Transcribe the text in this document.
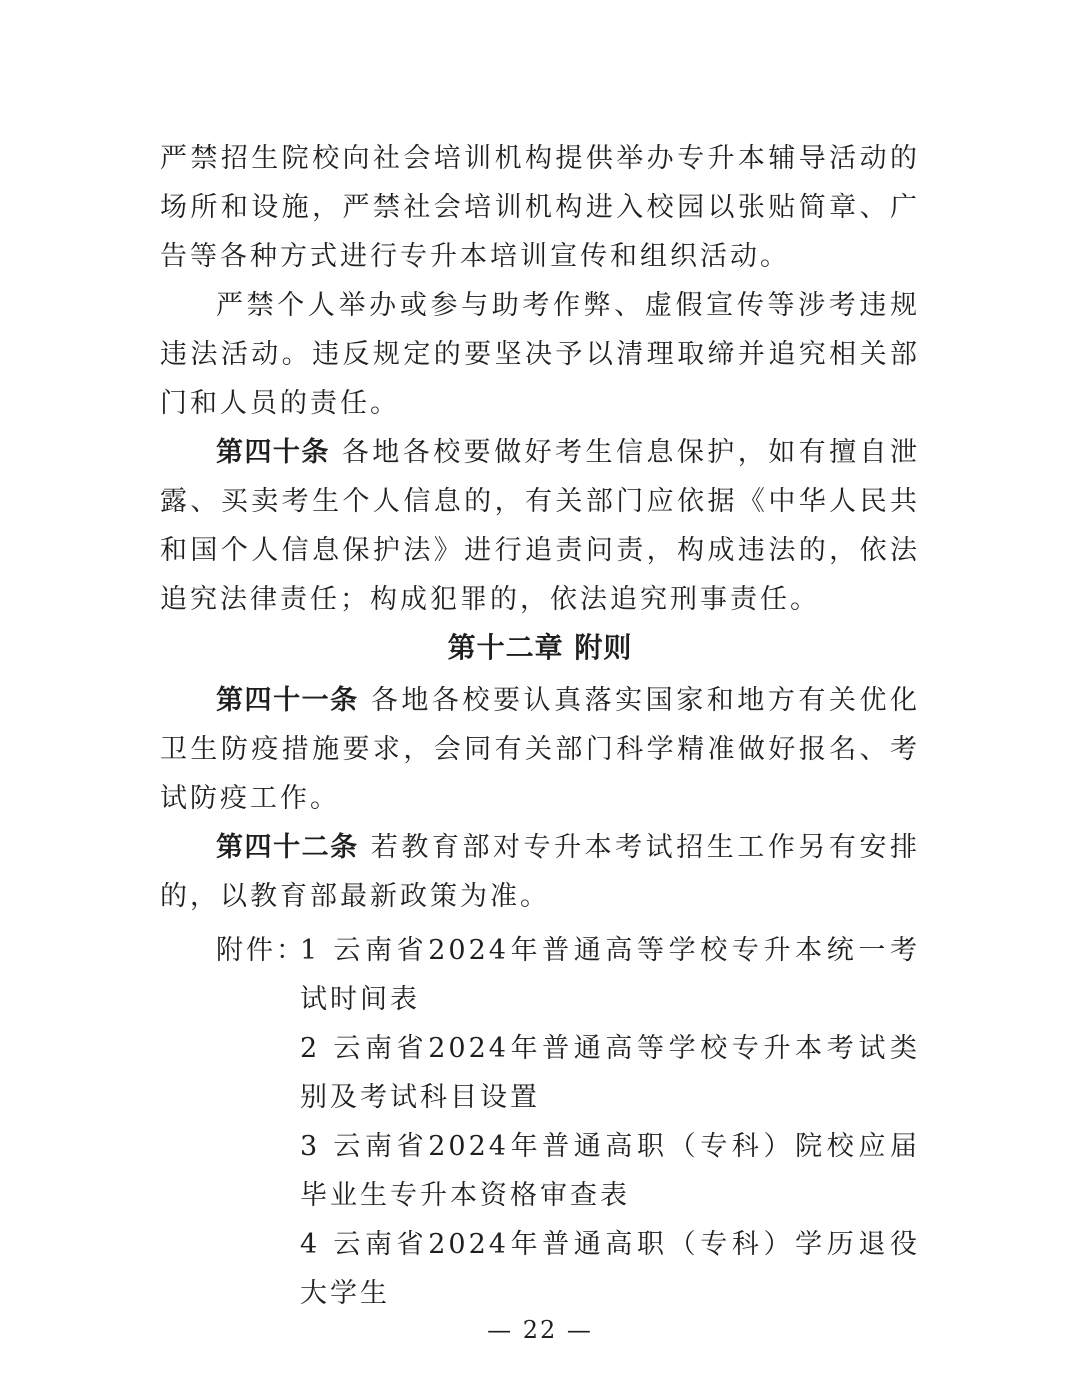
严禁招生院校向社会培训机构提供举办专升本辅导活动的场所和设施，严禁社会培训机构进入校园以张贴简章、广告等各种方式进行专升本培训宣传和组织活动。
严禁个人举办或参与助考作弊、虚假宣传等涉考违规违法活动。违反规定的要坚决予以清理取缔并追究相关部门和人员的责任。
第四十条 各地各校要做好考生信息保护，如有擅自泄露、买卖考生个人信息的，有关部门应依据《中华人民共和国个人信息保护法》进行追责问责，构成违法的，依法追究法律责任；构成犯罪的，依法追究刑事责任。
第十二章 附则
第四十一条 各地各校要认真落实国家和地方有关优化卫生防疫措施要求，会同有关部门科学精准做好报名、考试防疫工作。
第四十二条 若教育部对专升本考试招生工作另有安排的，以教育部最新政策为准。
附件：
1 云南省2024年普通高等学校专升本统一考试时间表
2 云南省2024年普通高等学校专升本考试类别及考试科目设置
3 云南省2024年普通高职（专科）院校应届毕业生专升本资格审查表
4 云南省2024年普通高职（专科）学历退役大学生
— 22 —
